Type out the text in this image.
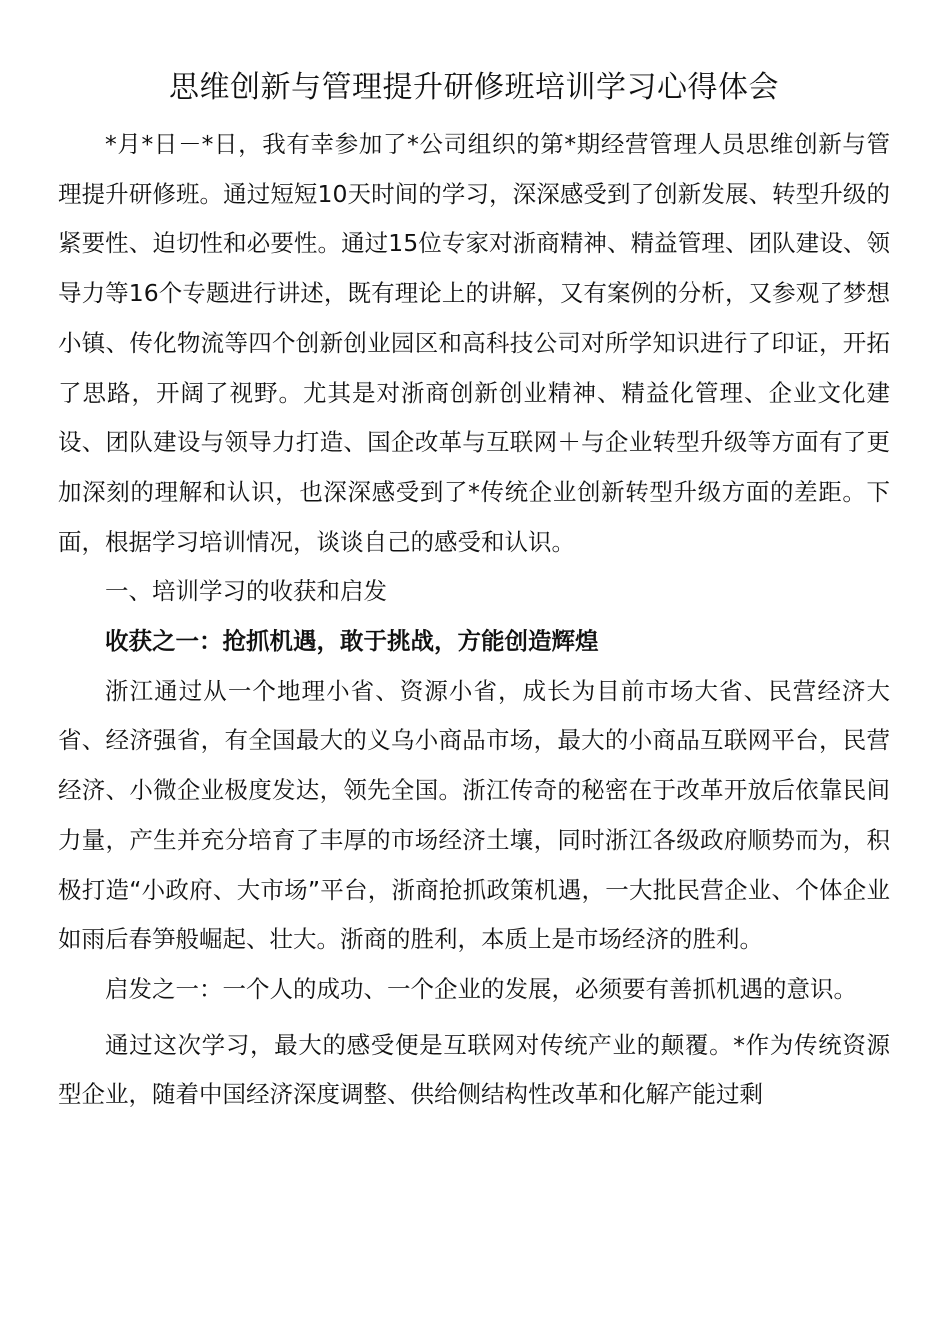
思维创新与管理提升研修班培训学习心得体会

*月*日－*日，我有幸参加了*公司组织的第*期经营管理人员思维创新与管理提升研修班。通过短短10天时间的学习，深深感受到了创新发展、转型升级的紧要性、迫切性和必要性。通过15位专家对浙商精神、精益管理、团队建设、领导力等16个专题进行讲述，既有理论上的讲解，又有案例的分析，又参观了梦想小镇、传化物流等四个创新创业园区和高科技公司对所学知识进行了印证，开拓了思路，开阔了视野。尤其是对浙商创新创业精神、精益化管理、企业文化建设、团队建设与领导力打造、国企改革与互联网＋与企业转型升级等方面有了更加深刻的理解和认识，也深深感受到了*传统企业创新转型升级方面的差距。下面，根据学习培训情况，谈谈自己的感受和认识。

一、培训学习的收获和启发

收获之一：抢抓机遇，敢于挑战，方能创造辉煌

浙江通过从一个地理小省、资源小省，成长为目前市场大省、民营经济大省、经济强省，有全国最大的义乌小商品市场，最大的小商品互联网平台，民营经济、小微企业极度发达，领先全国。浙江传奇的秘密在于改革开放后依靠民间力量，产生并充分培育了丰厚的市场经济土壤，同时浙江各级政府顺势而为，积极打造“小政府、大市场”平台，浙商抢抓政策机遇，一大批民营企业、个体企业如雨后春笋般崛起、壮大。浙商的胜利，本质上是市场经济的胜利。

启发之一：一个人的成功、一个企业的发展，必须要有善抓机遇的意识。

通过这次学习，最大的感受便是互联网对传统产业的颠覆。*作为传统资源型企业，随着中国经济深度调整、供给侧结构性改革和化解产能过剩
